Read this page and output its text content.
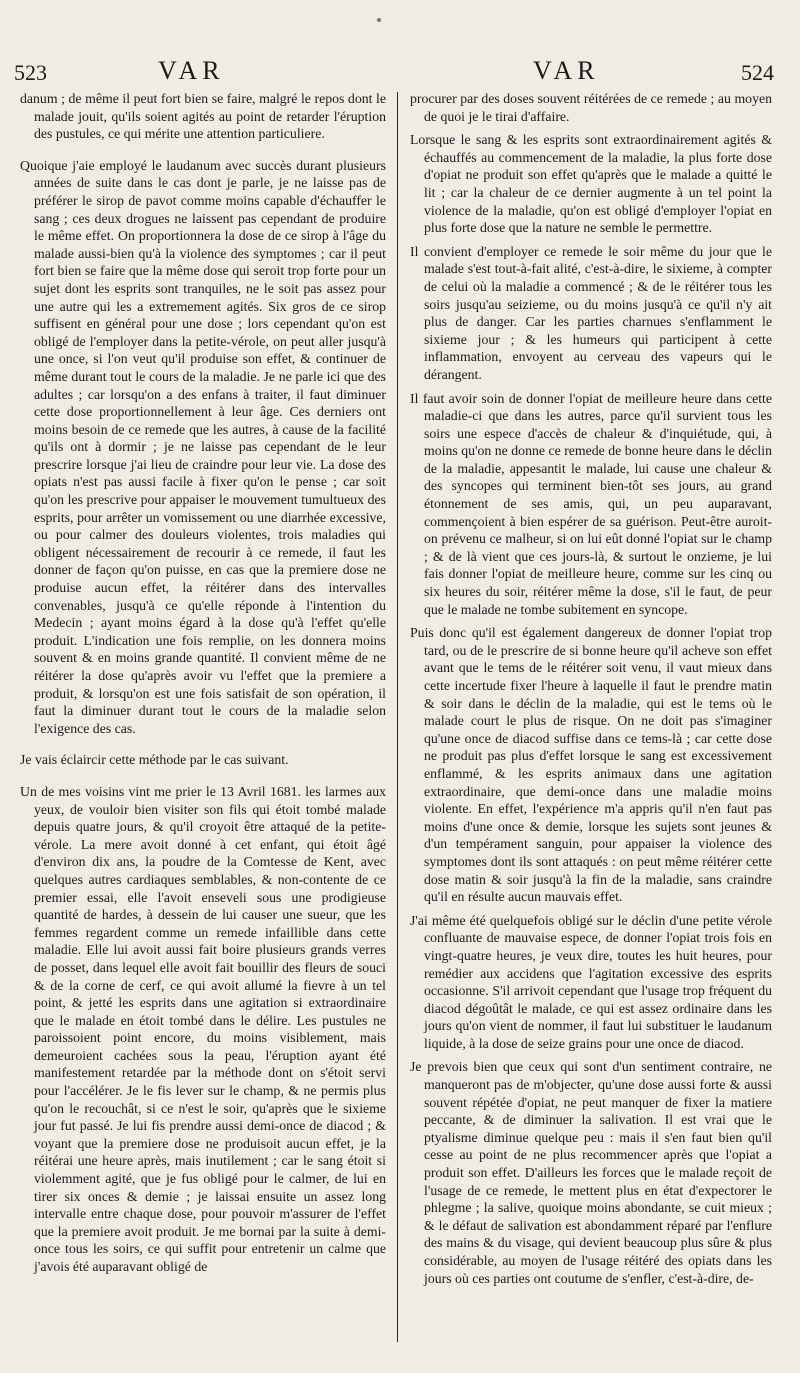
523	VAR	VAR	524

danum ; de même il peut fort bien se faire, malgré le repos dont le malade jouit, qu'ils soient agités au point de retarder l'éruption des pustules, ce qui mérite une attention particuliere.

Quoique j'aie employé le laudanum avec succès durant plusieurs années de suite dans le cas dont je parle, je ne laisse pas de préférer le sirop de pavot comme moins capable d'échauffer le sang ; ces deux drogues ne laissent pas cependant de produire le même effet. On proportionnera la dose de ce sirop à l'âge du malade aussi-bien qu'à la violence des symptomes ; car il peut fort bien se faire que la même dose qui seroit trop forte pour un sujet dont les esprits sont tranquiles, ne le soit pas assez pour une autre qui les a extremement agités. Six gros de ce sirop suffisent en général pour une dose ; lors cependant qu'on est obligé de l'employer dans la petite-vérole, on peut aller jusqu'à une once, si l'on veut qu'il produise son effet, & continuer de même durant tout le cours de la maladie. Je ne parle ici que des adultes ; car lorsqu'on a des enfans à traiter, il faut diminuer cette dose proportionnellement à leur âge. Ces derniers ont moins besoin de ce remede que les autres, à cause de la facilité qu'ils ont à dormir ; je ne laisse pas cependant de le leur prescrire lorsque j'ai lieu de craindre pour leur vie. La dose des opiats n'est pas aussi facile à fixer qu'on le pense ; car soit qu'on les prescrive pour appaiser le mouvement tumultueux des esprits, pour arrêter un vomissement ou une diarrhée excessive, ou pour calmer des douleurs violentes, trois maladies qui obligent nécessairement de recourir à ce remede, il faut les donner de façon qu'on puisse, en cas que la premiere dose ne produise aucun effet, la réitérer dans des intervalles convenables, jusqu'à ce qu'elle réponde à l'intention du Medecin ; ayant moins égard à la dose qu'à l'effet qu'elle produit. L'indication une fois remplie, on les donnera moins souvent & en moins grande quantité. Il convient même de ne réitérer la dose qu'après avoir vu l'effet que la premiere a produit, & lorsqu'on est une fois satisfait de son opération, il faut la diminuer durant tout le cours de la maladie selon l'exigence des cas.

Je vais éclaircir cette méthode par le cas suivant.

Un de mes voisins vint me prier le 13 Avril 1681. les larmes aux yeux, de vouloir bien visiter son fils qui étoit tombé malade depuis quatre jours, & qu'il croyoit être attaqué de la petite-vérole. La mere avoit donné à cet enfant, qui étoit âgé d'environ dix ans, la poudre de la Comtesse de Kent, avec quelques autres cardiaques semblables, & non-contente de ce premier essai, elle l'avoit enseveli sous une prodigieuse quantité de hardes, à dessein de lui causer une sueur, que les femmes regardent comme un remede infaillible dans cette maladie. Elle lui avoit aussi fait boire plusieurs grands verres de posset, dans lequel elle avoit fait bouillir des fleurs de souci & de la corne de cerf, ce qui avoit allumé la fievre à un tel point, & jetté les esprits dans une agitation si extraordinaire que le malade en étoit tombé dans le délire. Les pustules ne paroissoient point encore, du moins visiblement, mais demeuroient cachées sous la peau, l'éruption ayant été manifestement retardée par la méthode dont on s'étoit servi pour l'accélérer. Je le fis lever sur le champ, & ne permis plus qu'on le recouchât, si ce n'est le soir, qu'après que le sixieme jour fut passé. Je lui fis prendre aussi demi-once de diacod ; & voyant que la premiere dose ne produisoit aucun effet, je la réitérai une heure après, mais inutilement ; car le sang étoit si violemment agité, que je fus obligé pour le calmer, de lui en tirer six onces & demie ; je laissai ensuite un assez long intervalle entre chaque dose, pour pouvoir m'assurer de l'effet que la premiere avoit produit. Je me bornai par la suite à demi-once tous les soirs, ce qui suffit pour entretenir un calme que j'avois été auparavant obligé de

procurer par des doses souvent réitérées de ce remede ; au moyen de quoi je le tirai d'affaire.

Lorsque le sang & les esprits sont extraordinairement agités & échauffés au commencement de la maladie, la plus forte dose d'opiat ne produit son effet qu'après que le malade a quitté le lit ; car la chaleur de ce dernier augmente à un tel point la violence de la maladie, qu'on est obligé d'employer l'opiat en plus forte dose que la nature ne semble le permettre.

Il convient d'employer ce remede le soir même du jour que le malade s'est tout-à-fait alité, c'est-à-dire, le sixieme, à compter de celui où la maladie a commencé ; & de le réitérer tous les soirs jusqu'au seizieme, ou du moins jusqu'à ce qu'il n'y ait plus de danger. Car les parties charnues s'enflamment le sixieme jour ; & les humeurs qui participent à cette inflammation, envoyent au cerveau des vapeurs qui le dérangent.

Il faut avoir soin de donner l'opiat de meilleure heure dans cette maladie-ci que dans les autres, parce qu'il survient tous les soirs une espece d'accès de chaleur & d'inquiétude, qui, à moins qu'on ne donne ce remede de bonne heure dans le déclin de la maladie, appesantit le malade, lui cause une chaleur & des syncopes qui terminent bien-tôt ses jours, au grand étonnement de ses amis, qui, un peu auparavant, commençoient à bien espérer de sa guérison. Peut-être auroit-on prévenu ce malheur, si on lui eût donné l'opiat sur le champ ; & de là vient que ces jours-là, & surtout le onzieme, je lui fais donner l'opiat de meilleure heure, comme sur les cinq ou six heures du soir, réitérer même la dose, s'il le faut, de peur que le malade ne tombe subitement en syncope.

Puis donc qu'il est également dangereux de donner l'opiat trop tard, ou de le prescrire de si bonne heure qu'il acheve son effet avant que le tems de le réitérer soit venu, il vaut mieux dans cette incertude fixer l'heure à laquelle il faut le prendre matin & soir dans le déclin de la maladie, qui est le tems où le malade court le plus de risque. On ne doit pas s'imaginer qu'une once de diacod suffise dans ce tems-là ; car cette dose ne produit pas plus d'effet lorsque le sang est excessivement enflammé, & les esprits animaux dans une agitation extraordinaire, que demi-once dans une maladie moins violente. En effet, l'expérience m'a appris qu'il n'en faut pas moins d'une once & demie, lorsque les sujets sont jeunes & d'un tempérament sanguin, pour appaiser la violence des symptomes dont ils sont attaqués : on peut même réitérer cette dose matin & soir jusqu'à la fin de la maladie, sans craindre qu'il en résulte aucun mauvais effet.

J'ai même été quelquefois obligé sur le déclin d'une petite vérole confluante de mauvaise espece, de donner l'opiat trois fois en vingt-quatre heures, je veux dire, toutes les huit heures, pour remédier aux accidens que l'agitation excessive des esprits occasionne. S'il arrivoit cependant que l'usage trop fréquent du diacod dégoûtât le malade, ce qui est assez ordinaire dans les jours qu'on vient de nommer, il faut lui substituer le laudanum liquide, à la dose de seize grains pour une once de diacod.

Je prevois bien que ceux qui sont d'un sentiment contraire, ne manqueront pas de m'objecter, qu'une dose aussi forte & aussi souvent répétée d'opiat, ne peut manquer de fixer la matiere peccante, & de diminuer la salivation. Il est vrai que le ptyalisme diminue quelque peu : mais il s'en faut bien qu'il cesse au point de ne plus recommencer après que l'opiat a produit son effet. D'ailleurs les forces que le malade reçoit de l'usage de ce remede, le mettent plus en état d'expectorer le phlegme ; la salive, quoique moins abondante, se cuit mieux ; & le défaut de salivation est abondamment réparé par l'enflure des mains & du visage, qui devient beaucoup plus sûre & plus considérable, au moyen de l'usage réitéré des opiats dans les jours où ces parties ont coutume de s'enfler, c'est-à-dire, de-
